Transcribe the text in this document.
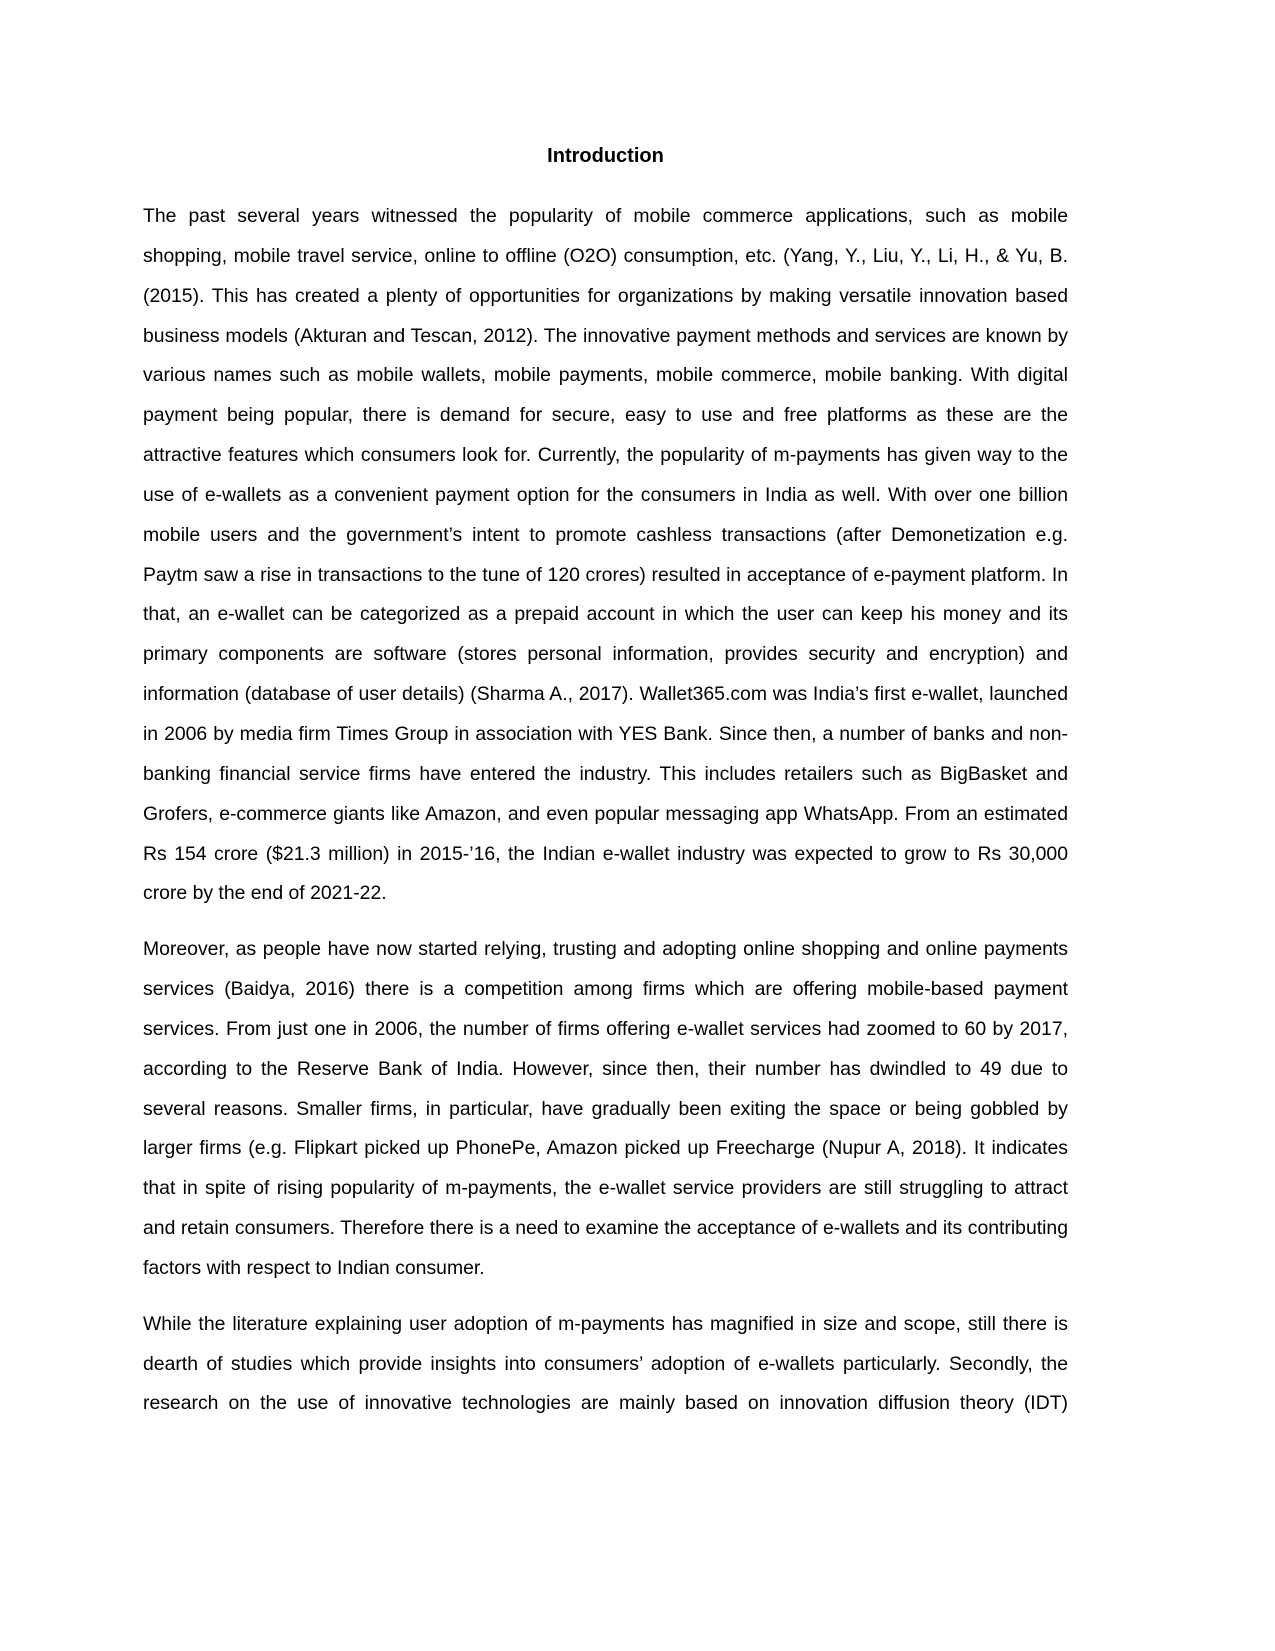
Introduction

The past several years witnessed the popularity of mobile commerce applications, such as mobile shopping, mobile travel service, online to offline (O2O) consumption, etc. (Yang, Y., Liu, Y., Li, H., & Yu, B. (2015). This has created a plenty of opportunities for organizations by making versatile innovation based business models (Akturan and Tescan, 2012). The innovative payment methods and services are known by various names such as mobile wallets, mobile payments, mobile commerce, mobile banking. With digital payment being popular, there is demand for secure, easy to use and free platforms as these are the attractive features which consumers look for. Currently, the popularity of m-payments has given way to the use of e-wallets as a convenient payment option for the consumers in India as well. With over one billion mobile users and the government’s intent to promote cashless transactions (after Demonetization e.g. Paytm saw a rise in transactions to the tune of 120 crores) resulted in acceptance of e-payment platform. In that, an e-wallet can be categorized as a prepaid account in which the user can keep his money and its primary components are software (stores personal information, provides security and encryption) and information (database of user details) (Sharma A., 2017). Wallet365.com was India’s first e-wallet, launched in 2006 by media firm Times Group in association with YES Bank. Since then, a number of banks and non-banking financial service firms have entered the industry. This includes retailers such as BigBasket and Grofers, e-commerce giants like Amazon, and even popular messaging app WhatsApp. From an estimated Rs 154 crore ($21.3 million) in 2015-’16, the Indian e-wallet industry was expected to grow to Rs 30,000 crore by the end of 2021-22.

Moreover, as people have now started relying, trusting and adopting online shopping and online payments services (Baidya, 2016) there is a competition among firms which are offering mobile-based payment services. From just one in 2006, the number of firms offering e-wallet services had zoomed to 60 by 2017, according to the Reserve Bank of India. However, since then, their number has dwindled to 49 due to several reasons. Smaller firms, in particular, have gradually been exiting the space or being gobbled by larger firms (e.g. Flipkart picked up PhonePe, Amazon picked up Freecharge (Nupur A, 2018). It indicates that in spite of rising popularity of m-payments, the e-wallet service providers are still struggling to attract and retain consumers. Therefore there is a need to examine the acceptance of e-wallets and its contributing factors with respect to Indian consumer.

While the literature explaining user adoption of m-payments has magnified in size and scope, still there is dearth of studies which provide insights into consumers’ adoption of e-wallets particularly. Secondly, the research on the use of innovative technologies are mainly based on innovation diffusion theory (IDT)
